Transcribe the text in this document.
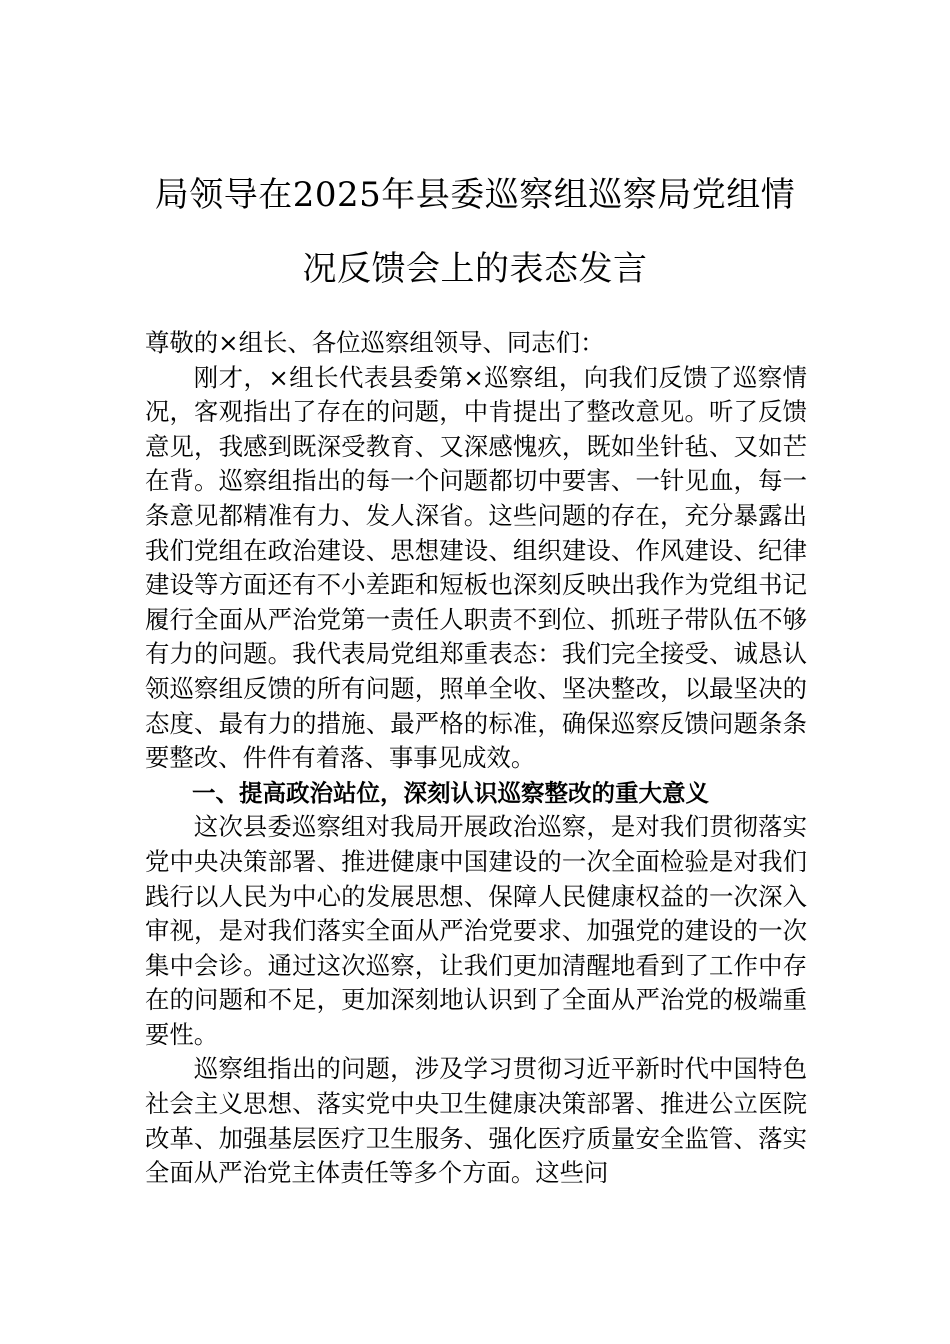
局领导在2025年县委巡察组巡察局党组情
况反馈会上的表态发言

尊敬的×组长、各位巡察组领导、同志们：

刚才，×组长代表县委第×巡察组，向我们反馈了巡察情况，客观指出了存在的问题，中肯提出了整改意见。听了反馈意见，我感到既深受教育、又深感愧疚，既如坐针毡、又如芒在背。巡察组指出的每一个问题都切中要害、一针见血，每一条意见都精准有力、发人深省。这些问题的存在，充分暴露出我们党组在政治建设、思想建设、组织建设、作风建设、纪律建设等方面还有不小差距和短板也深刻反映出我作为党组书记履行全面从严治党第一责任人职责不到位、抓班子带队伍不够有力的问题。我代表局党组郑重表态：我们完全接受、诚恳认领巡察组反馈的所有问题，照单全收、坚决整改，以最坚决的态度、最有力的措施、最严格的标准，确保巡察反馈问题条条要整改、件件有着落、事事见成效。

一、提高政治站位，深刻认识巡察整改的重大意义

这次县委巡察组对我局开展政治巡察，是对我们贯彻落实党中央决策部署、推进健康中国建设的一次全面检验是对我们践行以人民为中心的发展思想、保障人民健康权益的一次深入审视，是对我们落实全面从严治党要求、加强党的建设的一次集中会诊。通过这次巡察，让我们更加清醒地看到了工作中存在的问题和不足，更加深刻地认识到了全面从严治党的极端重要性。

巡察组指出的问题，涉及学习贯彻习近平新时代中国特色社会主义思想、落实党中央卫生健康决策部署、推进公立医院改革、加强基层医疗卫生服务、强化医疗质量安全监管、落实全面从严治党主体责任等多个方面。这些问
